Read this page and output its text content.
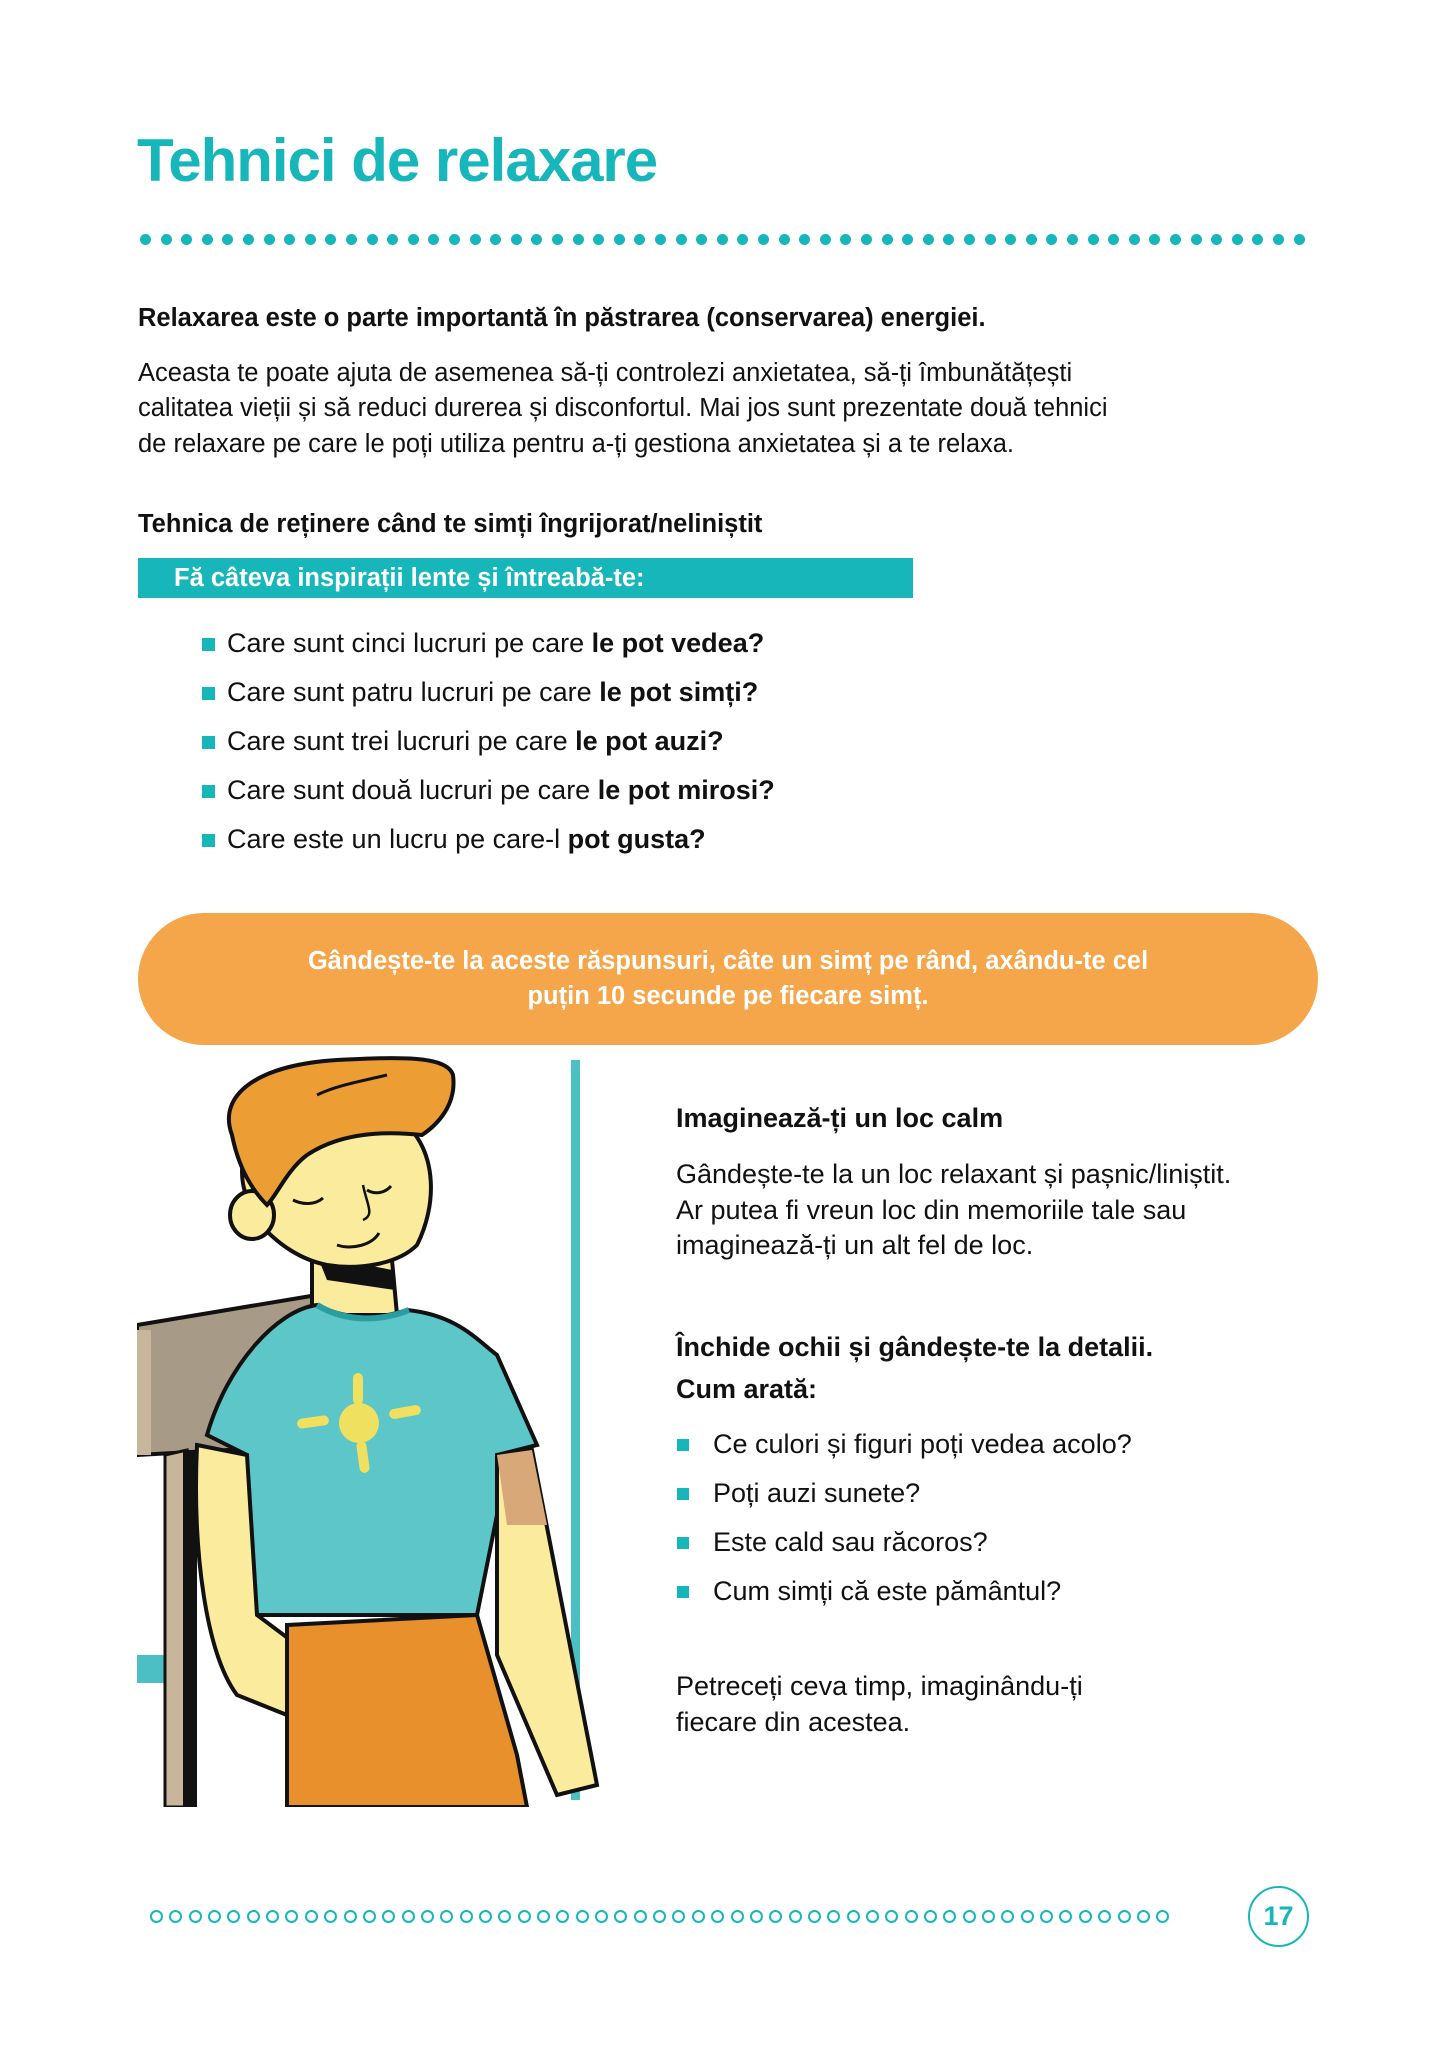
Tehnici de relaxare
Relaxarea este o parte importantă în păstrarea (conservarea) energiei.
Aceasta te poate ajuta de asemenea să-ți controlezi anxietatea, să-ți îmbunătățești
calitatea vieții și să reduci durerea și disconfortul. Mai jos sunt prezentate două tehnici
de relaxare pe care le poți utiliza pentru a-ți gestiona anxietatea și a te relaxa.
Tehnica de reținere când te simți îngrijorat/neliniștit
Fă câteva inspirații lente și întreabă-te:
Care sunt cinci lucruri pe care le pot vedea?
Care sunt patru lucruri pe care le pot simți?
Care sunt trei lucruri pe care le pot auzi?
Care sunt două lucruri pe care le pot mirosi?
Care este un lucru pe care-l pot gusta?
Gândește-te la aceste răspunsuri, câte un simț pe rând, axându-te cel
puțin 10 secunde pe fiecare simț.
Imaginează-ți un loc calm
Gândește-te la un loc relaxant și pașnic/liniștit.
Ar putea fi vreun loc din memoriile tale sau
imaginează-ți un alt fel de loc.
Închide ochii și gândește-te la detalii.
Cum arată:
Ce culori și figuri poți vedea acolo?
Poți auzi sunete?
Este cald sau răcoros?
Cum simți că este pământul?
Petreceți ceva timp, imaginându-ți
fiecare din acestea.
17
